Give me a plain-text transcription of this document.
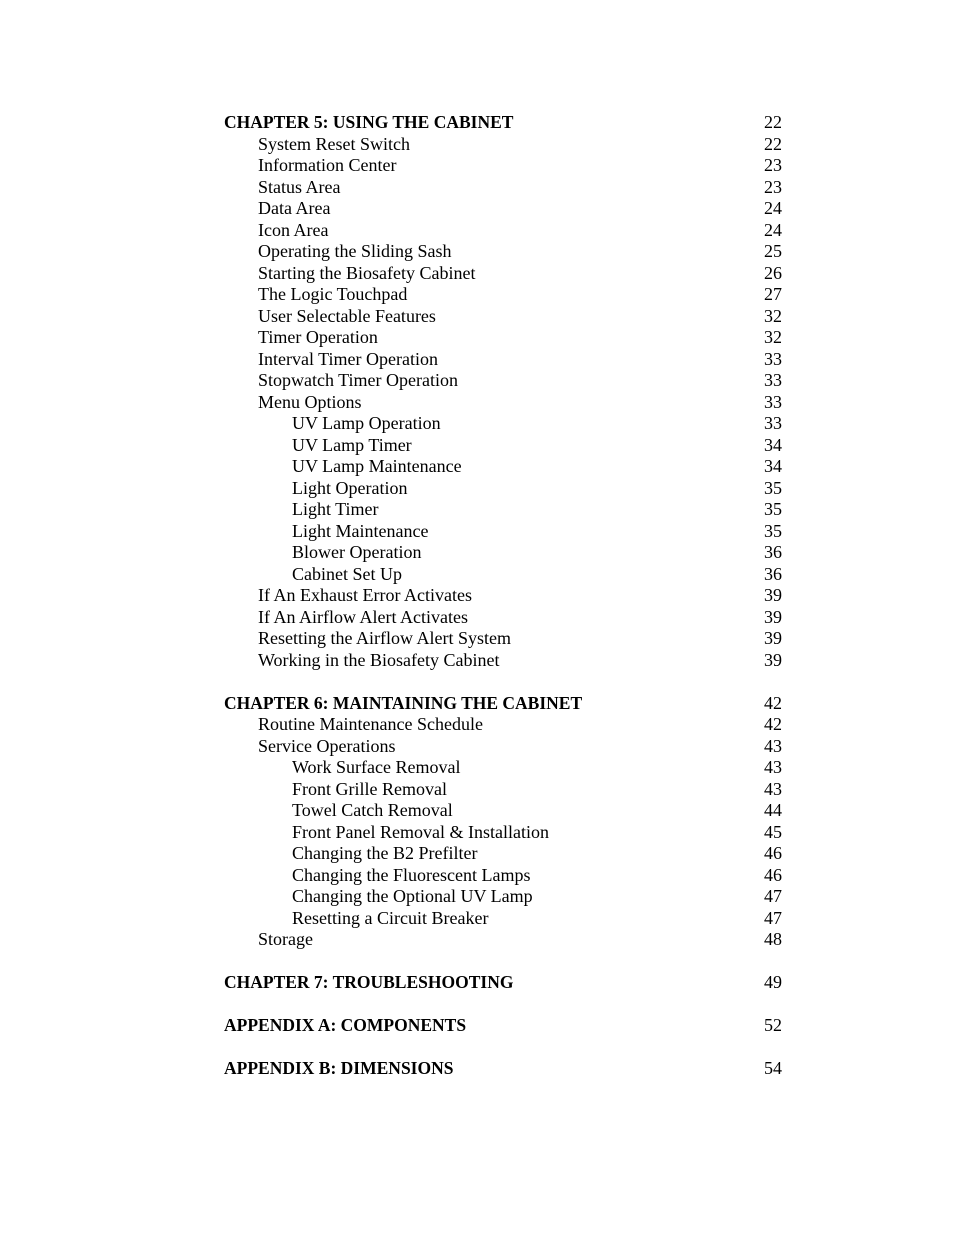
CHAPTER 5: USING THE CABINET	22
System Reset Switch	22
Information Center	23
Status Area	23
Data Area	24
Icon Area	24
Operating the Sliding Sash	25
Starting the Biosafety Cabinet	26
The Logic Touchpad	27
User Selectable Features	32
Timer Operation	32
Interval Timer Operation	33
Stopwatch Timer Operation	33
Menu Options	33
UV Lamp Operation	33
UV Lamp Timer	34
UV Lamp Maintenance	34
Light Operation	35
Light Timer	35
Light Maintenance	35
Blower Operation	36
Cabinet Set Up	36
If An Exhaust Error Activates	39
If An Airflow Alert Activates	39
Resetting the Airflow Alert System	39
Working in the Biosafety Cabinet	39
CHAPTER 6: MAINTAINING THE CABINET	42
Routine Maintenance Schedule	42
Service Operations	43
Work Surface Removal	43
Front Grille Removal	43
Towel Catch Removal	44
Front Panel Removal & Installation	45
Changing the B2 Prefilter	46
Changing the Fluorescent Lamps	46
Changing the Optional UV Lamp	47
Resetting a Circuit Breaker	47
Storage	48
CHAPTER 7: TROUBLESHOOTING	49
APPENDIX A: COMPONENTS	52
APPENDIX B: DIMENSIONS	54
